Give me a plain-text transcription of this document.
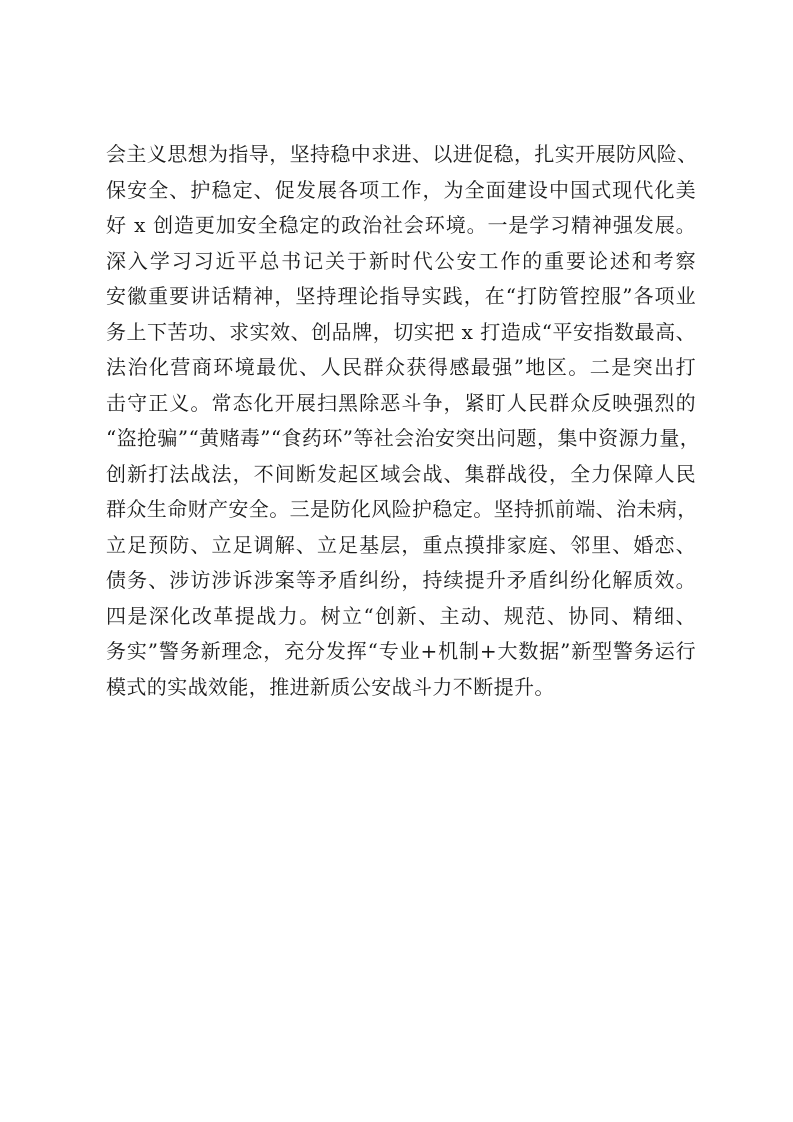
会主义思想为指导，坚持稳中求进、以进促稳，扎实开展防风险、
保安全、护稳定、促发展各项工作，为全面建设中国式现代化美
好 x 创造更加安全稳定的政治社会环境。一是学习精神强发展。
深入学习习近平总书记关于新时代公安工作的重要论述和考察
安徽重要讲话精神，坚持理论指导实践，在“打防管控服”各项业
务上下苦功、求实效、创品牌，切实把 x 打造成“平安指数最高、
法治化营商环境最优、人民群众获得感最强”地区。二是突出打
击守正义。常态化开展扫黑除恶斗争，紧盯人民群众反映强烈的
“盗抢骗”“黄赌毒”“食药环”等社会治安突出问题，集中资源力量，
创新打法战法，不间断发起区域会战、集群战役，全力保障人民
群众生命财产安全。三是防化风险护稳定。坚持抓前端、治未病，
立足预防、立足调解、立足基层，重点摸排家庭、邻里、婚恋、
债务、涉访涉诉涉案等矛盾纠纷，持续提升矛盾纠纷化解质效。
四是深化改革提战力。树立“创新、主动、规范、协同、精细、
务实”警务新理念，充分发挥“专业+机制+大数据”新型警务运行
模式的实战效能，推进新质公安战斗力不断提升。
